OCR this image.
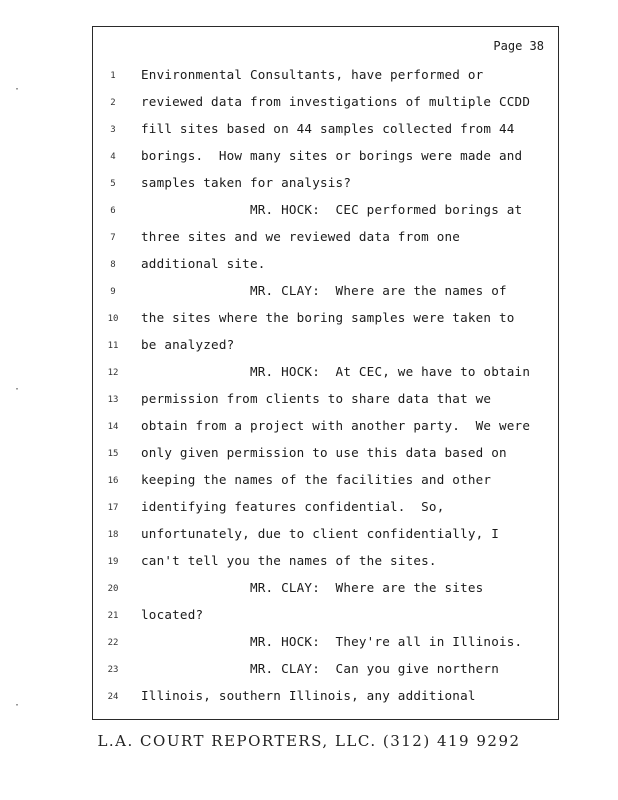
·
·
·
Page 38
1	Environmental Consultants, have performed or
2	reviewed data from investigations of multiple CCDD
3	fill sites based on 44 samples collected from 44
4	borings.  How many sites or borings were made and
5	samples taken for analysis?
6	MR. HOCK:  CEC performed borings at
7	three sites and we reviewed data from one
8	additional site.
9	MR. CLAY:  Where are the names of
10	the sites where the boring samples were taken to
11	be analyzed?
12	MR. HOCK:  At CEC, we have to obtain
13	permission from clients to share data that we
14	obtain from a project with another party.  We were
15	only given permission to use this data based on
16	keeping the names of the facilities and other
17	identifying features confidential.  So,
18	unfortunately, due to client confidentially, I
19	can't tell you the names of the sites.
20	MR. CLAY:  Where are the sites
21	located?
22	MR. HOCK:  They're all in Illinois.
23	MR. CLAY:  Can you give northern
24	Illinois, southern Illinois, any additional
L.A. COURT REPORTERS, LLC. (312) 419 9292
